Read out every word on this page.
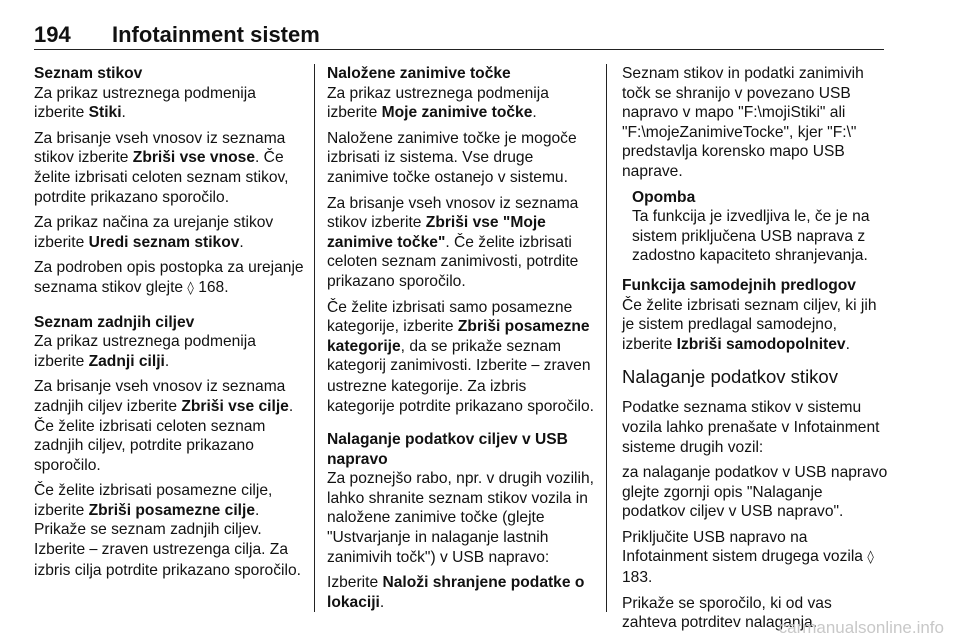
194 Infotainment sistem

Seznam stikov

Za prikaz ustreznega podmenija izberite Stiki.

Za brisanje vseh vnosov iz seznama stikov izberite Zbriši vse vnose. Če želite izbrisati celoten seznam stikov, potrdite prikazano sporočilo.

Za prikaz načina za urejanje stikov izberite Uredi seznam stikov.

Za podroben opis postopka za urejanje seznama stikov glejte ◊ 168.

Seznam zadnjih ciljev

Za prikaz ustreznega podmenija izberite Zadnji cilji.

Za brisanje vseh vnosov iz seznama zadnjih ciljev izberite Zbriši vse cilje. Če želite izbrisati celoten seznam zadnjih ciljev, potrdite prikazano sporočilo.

Če želite izbrisati posamezne cilje, izberite Zbriši posamezne cilje. Prikaže se seznam zadnjih ciljev. Izberite ─ zraven ustrezenga cilja. Za izbris cilja potrdite prikazano sporočilo.

Naložene zanimive točke

Za prikaz ustreznega podmenija izberite Moje zanimive točke.

Naložene zanimive točke je mogoče izbrisati iz sistema. Vse druge zanimive točke ostanejo v sistemu.

Za brisanje vseh vnosov iz seznama stikov izberite Zbriši vse "Moje zanimive točke". Če želite izbrisati celoten seznam zanimivosti, potrdite prikazano sporočilo.

Če želite izbrisati samo posamezne kategorije, izberite Zbriši posamezne kategorije, da se prikaže seznam kategorij zanimivosti. Izberite ─ zraven ustrezne kategorije. Za izbris kategorije potrdite prikazano sporočilo.

Nalaganje podatkov ciljev v USB napravo

Za poznejšo rabo, npr. v drugih vozilih, lahko shranite seznam stikov vozila in naložene zanimive točke (glejte "Ustvarjanje in nalaganje lastnih zanimivih točk") v USB napravo:

Izberite Naloži shranjene podatke o lokaciji.

Seznam stikov in podatki zanimivih točk se shranijo v povezano USB napravo v mapo "F:\mojiStiki" ali "F:\mojeZanimiveTocke", kjer "F:\" predstavlja korensko mapo USB naprave.

Opomba
Ta funkcija je izvedljiva le, če je na sistem priključena USB naprava z zadostno kapaciteto shranjevanja.

Funkcija samodejnih predlogov

Če želite izbrisati seznam ciljev, ki jih je sistem predlagal samodejno, izberite Izbriši samodopolnitev.

Nalaganje podatkov stikov

Podatke seznama stikov v sistemu vozila lahko prenašate v Infotainment sisteme drugih vozil:

za nalaganje podatkov v USB napravo glejte zgornji opis "Nalaganje podatkov ciljev v USB napravo".

Priključite USB napravo na Infotainment sistem drugega vozila ◊ 183.

Prikaže se sporočilo, ki od vas zahteva potrditev nalaganja.

carmanualsonline.info
